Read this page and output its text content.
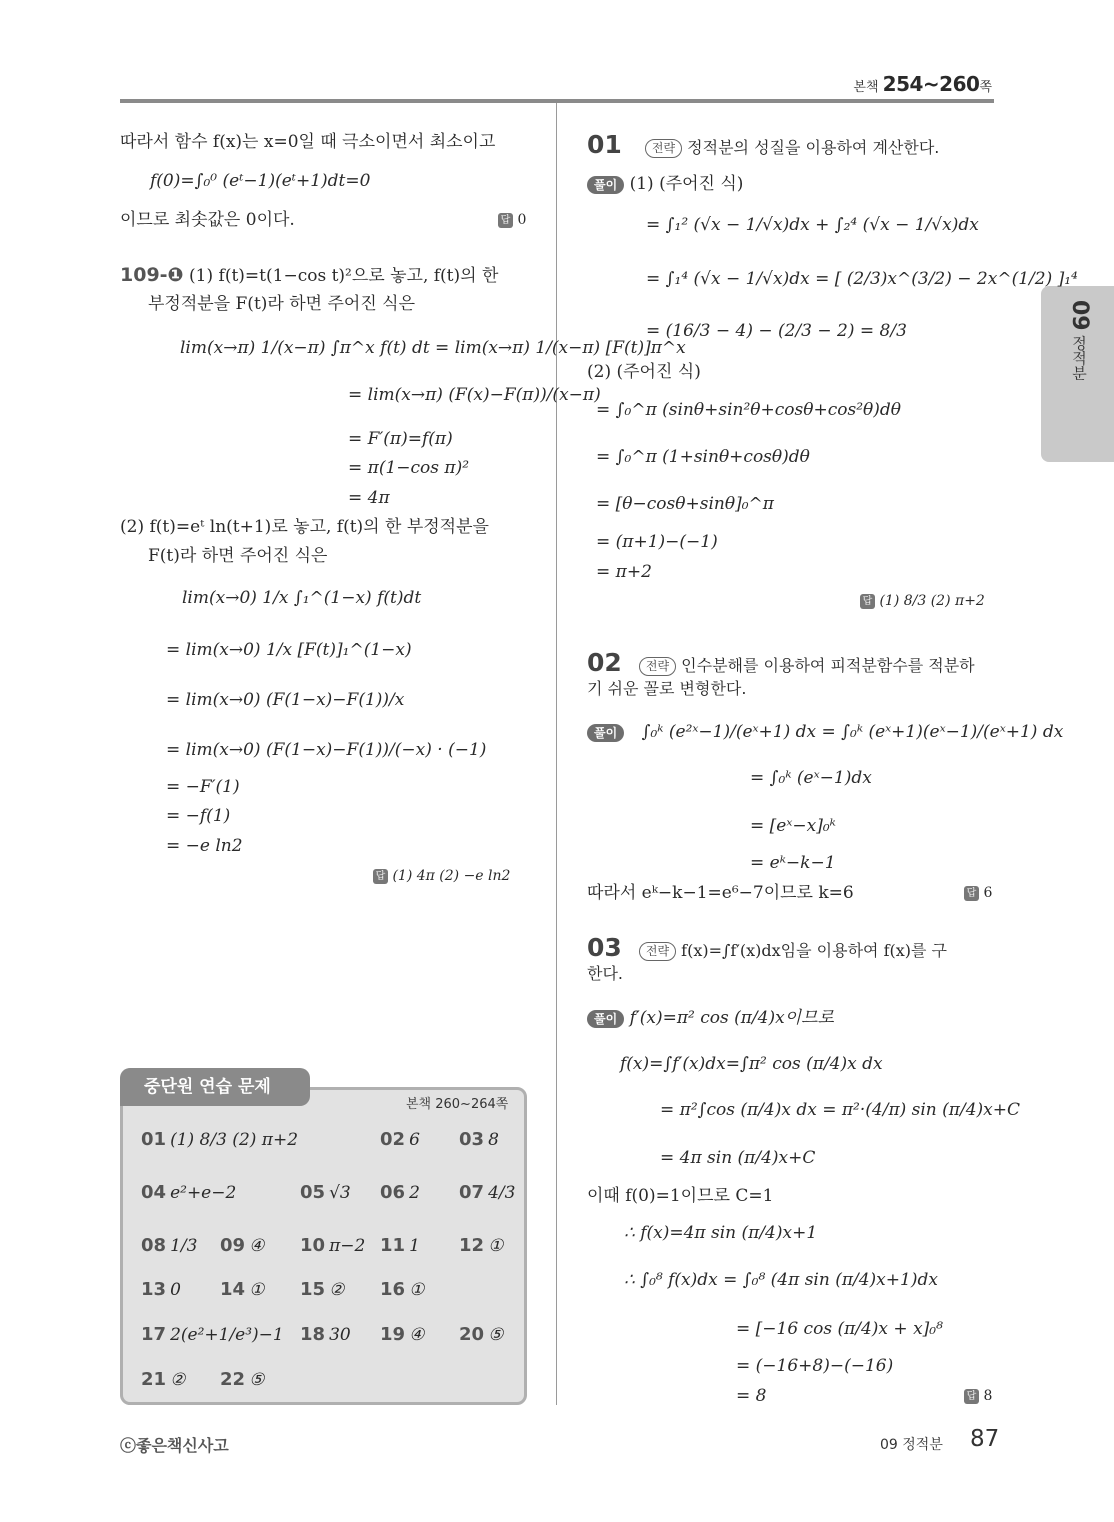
본책 254~260쪽
09 정적분
따라서 함수 f(x)는 x=0일 때 극소이면서 최소이고
f(0)=∫₀⁰ (eᵗ−1)(eᵗ+1)dt=0
이므로 최솟값은 0이다.	답 0
109-❶ (1) f(t)=t(1−cos t)²으로 놓고, f(t)의 한
부정적분을 F(t)라 하면 주어진 식은
lim(x→π) 1/(x−π) ∫π^x f(t) dt = lim(x→π) 1/(x−π) [F(t)]π^x
= lim(x→π) (F(x)−F(π))/(x−π)
= F′(π)=f(π)
= π(1−cos π)²
= 4π
(2) f(t)=eᵗ ln(t+1)로 놓고, f(t)의 한 부정적분을
F(t)라 하면 주어진 식은
lim(x→0) 1/x ∫₁^(1−x) f(t)dt
= lim(x→0) 1/x [F(t)]₁^(1−x)
= lim(x→0) (F(1−x)−F(1))/x
= lim(x→0) (F(1−x)−F(1))/(−x) · (−1)
= −F′(1)
= −f(1)
= −e ln2
답 (1) 4π (2) −e ln2
중단원 연습 문제
본책 260~264쪽
01 (1) 8/3 (2) π+2	02 6 03 8
04 e²+e−2	05 √3 06 2 07 4/3
08 1/3 09 ④ 10 π−2 11 1 12 ①
13 0 14 ① 15 ② 16 ①
17 2(e²+1/e³)−1 18 30 19 ④ 20 ⑤
21 ② 22 ⑤
01	전략 정적분의 성질을 이용하여 계산한다.
풀이 (1) (주어진 식)
= ∫₁² (√x − 1/√x)dx + ∫₂⁴ (√x − 1/√x)dx
= ∫₁⁴ (√x − 1/√x)dx = [ (2/3)x^(3/2) − 2x^(1/2) ]₁⁴
= (16/3 − 4) − (2/3 − 2) = 8/3
(2) (주어진 식)
= ∫₀^π (sinθ+sin²θ+cosθ+cos²θ)dθ
= ∫₀^π (1+sinθ+cosθ)dθ
= [θ−cosθ+sinθ]₀^π
= (π+1)−(−1)
= π+2
답 (1) 8/3 (2) π+2
02 전략 인수분해를 이용하여 피적분함수를 적분하
기 쉬운 꼴로 변형한다.
풀이 ∫₀ᵏ (e²ˣ−1)/(eˣ+1) dx = ∫₀ᵏ (eˣ+1)(eˣ−1)/(eˣ+1) dx
= ∫₀ᵏ (eˣ−1)dx
= [eˣ−x]₀ᵏ
= eᵏ−k−1
따라서 eᵏ−k−1=e⁶−7이므로 k=6	답 6
03 전략 f(x)=∫f′(x)dx임을 이용하여 f(x)를 구
한다.
풀이 f′(x)=π² cos (π/4)x이므로
f(x)=∫f′(x)dx=∫π² cos (π/4)x dx
= π²∫cos (π/4)x dx = π²·(4/π) sin (π/4)x+C
= 4π sin (π/4)x+C
이때 f(0)=1이므로 C=1
∴ f(x)=4π sin (π/4)x+1
∴ ∫₀⁸ f(x)dx = ∫₀⁸ (4π sin (π/4)x+1)dx
= [−16 cos (π/4)x + x]₀⁸
= (−16+8)−(−16)
= 8	답 8
ⓒ좋은책신사고	09 정적분 87
